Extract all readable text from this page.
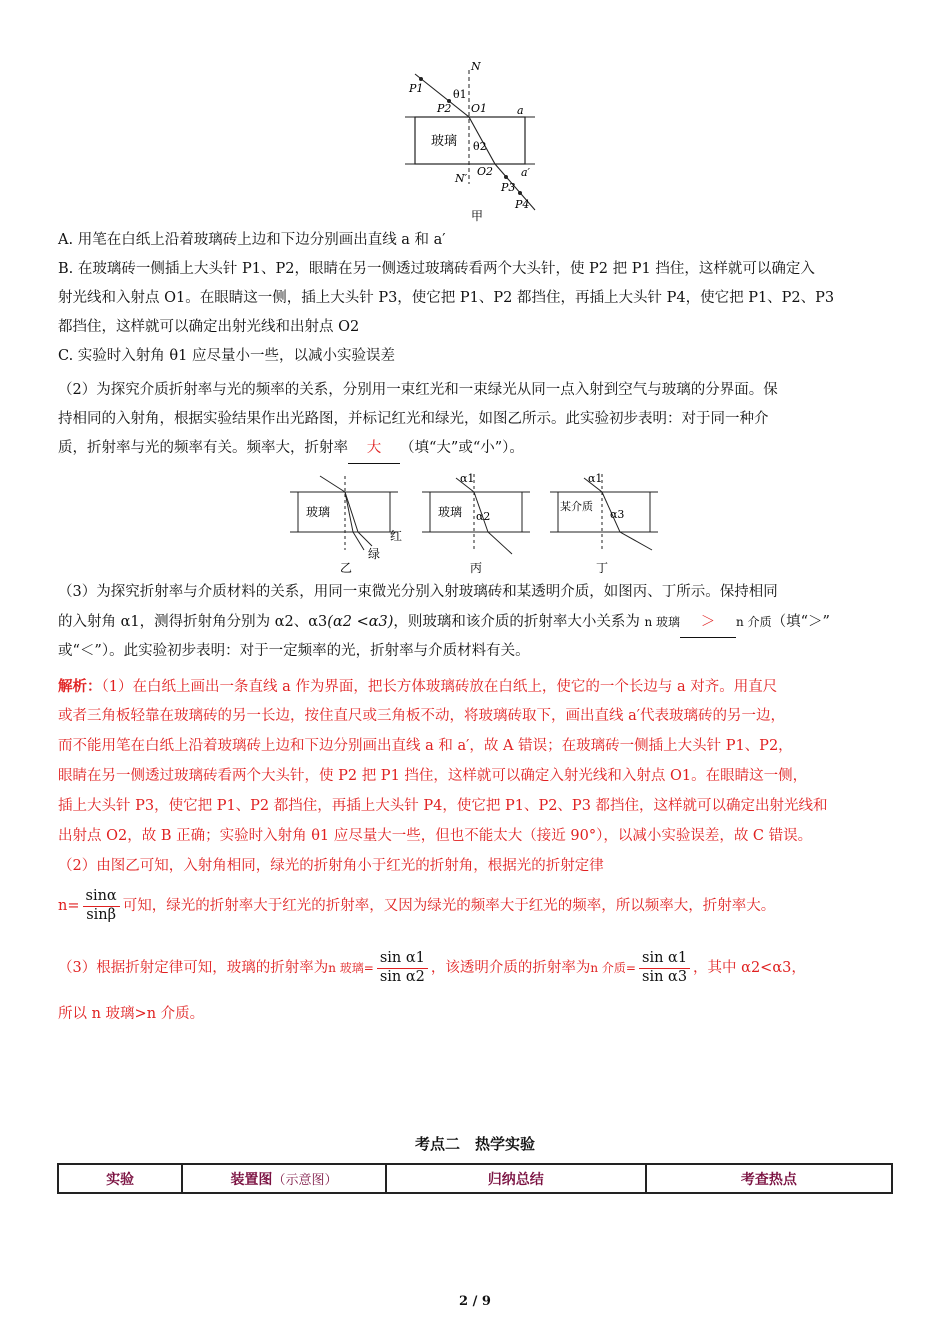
N
N′
P1
P2
P3
P4
O1
O2
θ1
θ2
a
a′
玻璃
甲

A. 用笔在白纸上沿着玻璃砖上边和下边分别画出直线 a 和 a′

B. 在玻璃砖一侧插上大头针 P1、P2，眼睛在另一侧透过玻璃砖看两个大头针，使 P2 把 P1 挡住，这样就可以确定入

射光线和入射点 O1。在眼睛这一侧，插上大头针 P3，使它把 P1、P2 都挡住，再插上大头针 P4，使它把 P1、P2、P3

都挡住，这样就可以确定出射光线和出射点 O2

C. 实验时入射角 θ1 应尽量小一些，以减小实验误差

（2）为探究介质折射率与光的频率的关系，分别用一束红光和一束绿光从同一点入射到空气与玻璃的分界面。保

持相同的入射角，根据实验结果作出光路图，并标记红光和绿光，如图乙所示。此实验初步表明：对于同一种介

质，折射率与光的频率有关。频率大，折射率 大 （填“大”或“小”）。

玻璃
红
绿
乙
玻璃
α1
α2
丙
某介质
α1
α3
丁

（3）为探究折射率与介质材料的关系，用同一束微光分别入射玻璃砖和某透明介质，如图丙、丁所示。保持相同

的入射角 α1，测得折射角分别为 α2、α3(α2 <α3)，则玻璃和该介质的折射率大小关系为 n 玻璃 ＞ n 介质（填“＞”

或“＜”）。此实验初步表明：对于一定频率的光，折射率与介质材料有关。

解析：（1）在白纸上画出一条直线 a 作为界面，把长方体玻璃砖放在白纸上，使它的一个长边与 a 对齐。用直尺

或者三角板轻靠在玻璃砖的另一长边，按住直尺或三角板不动，将玻璃砖取下，画出直线 a′代表玻璃砖的另一边，

而不能用笔在白纸上沿着玻璃砖上边和下边分别画出直线 a 和 a′，故 A 错误；在玻璃砖一侧插上大头针 P1、P2，

眼睛在另一侧透过玻璃砖看两个大头针，使 P2 把 P1 挡住，这样就可以确定入射光线和入射点 O1。在眼睛这一侧，

插上大头针 P3，使它把 P1、P2 都挡住，再插上大头针 P4，使它把 P1、P2、P3 都挡住，这样就可以确定出射光线和

出射点 O2，故 B 正确；实验时入射角 θ1 应尽量大一些，但也不能太大（接近 90°），以减小实验误差，故 C 错误。

（2）由图乙可知，入射角相同，绿光的折射角小于红光的折射角，根据光的折射定律

$n= \frac{\sin\alpha}{\sin\beta}$ 可知，绿光的折射率大于红光的折射率，又因为绿光的频率大于红光的频率，所以频率大，折射率大。

（3）根据折射定律可知，玻璃的折射率为n 玻璃= $\frac{\text{sin α1}}{\text{sin α2}}$ ，该透明介质的折射率为n 介质= $\frac{\text{sin α1}}{\text{sin α3}}$ ，其中 α2<α3，

所以 n 玻璃>n 介质。

考点二　热学实验
实验	装置图（示意图）	归纳总结	考查热点
2 / 9
